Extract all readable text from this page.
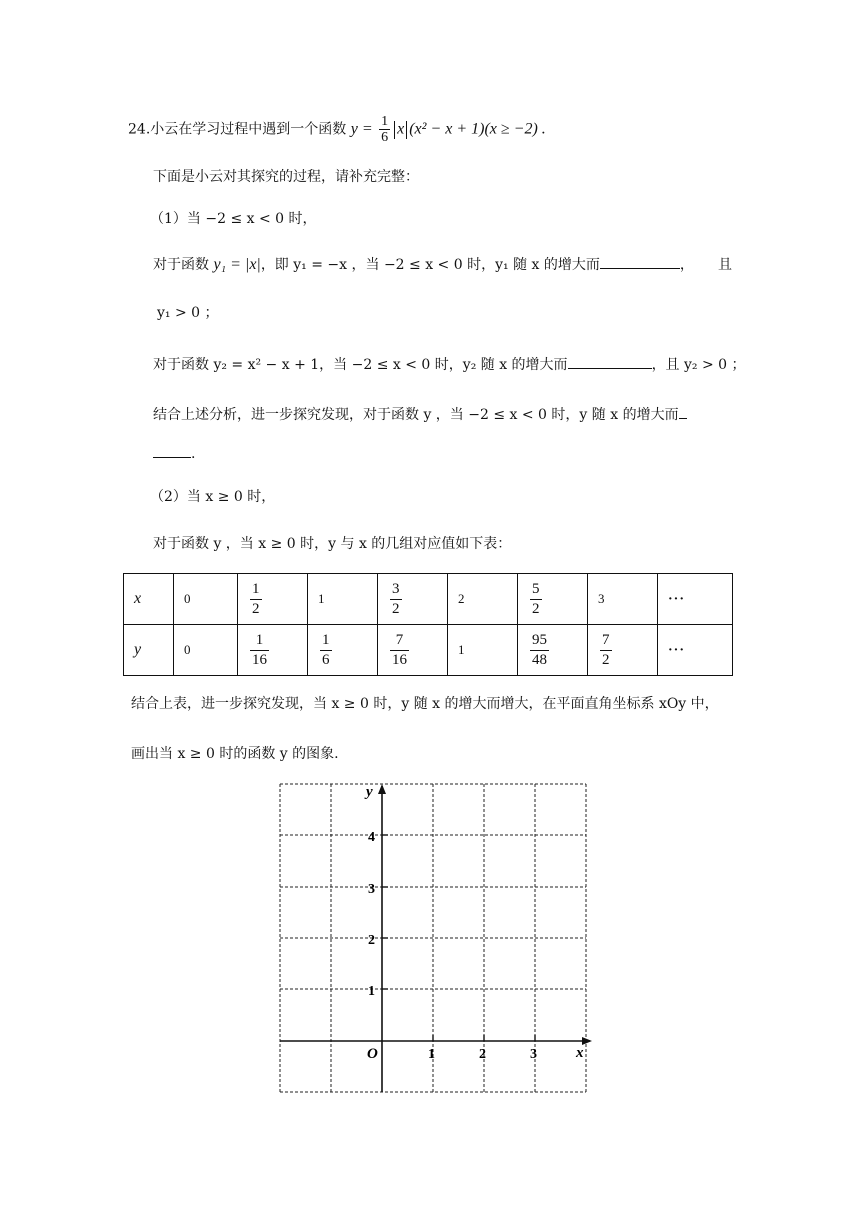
24.小云在学习过程中遇到一个函数 $y = \frac{1}{6}$ x (x² − x + 1)(x ≥ −2) .
下面是小云对其探究的过程，请补充完整：
（1）当 −2 ≤ x < 0 时，
对于函数 y₁ = |x|，即 y₁ = −x ，当 −2 ≤ x < 0 时，y₁ 随 x 的增大而	， 且
y₁ > 0 ；
对于函数 y₂ = x² − x + 1，当 −2 ≤ x < 0 时，y₂ 随 x 的增大而	，且 y₂ > 0 ；
结合上述分析，进一步探究发现，对于函数 y ，当 −2 ≤ x < 0 时，y 随 x 的增大而
.
（2）当 x ≥ 0 时，
对于函数 y ，当 x ≥ 0 时，y 与 x 的几组对应值如下表：
x	0	$\frac{1}{2}$	1	$\frac{3}{2}$	2	$\frac{5}{2}$	3	···
y	0	$\frac{1}{16}$	$\frac{1}{6}$	$\frac{7}{16}$	1	$\frac{95}{48}$	$\frac{7}{2}$	···
结合上表，进一步探究发现，当 x ≥ 0 时，y 随 x 的增大而增大，在平面直角坐标系 xOy 中，
画出当 x ≥ 0 时的函数 y 的图象.
y
x
O	1	2	3
1
2
3
4
